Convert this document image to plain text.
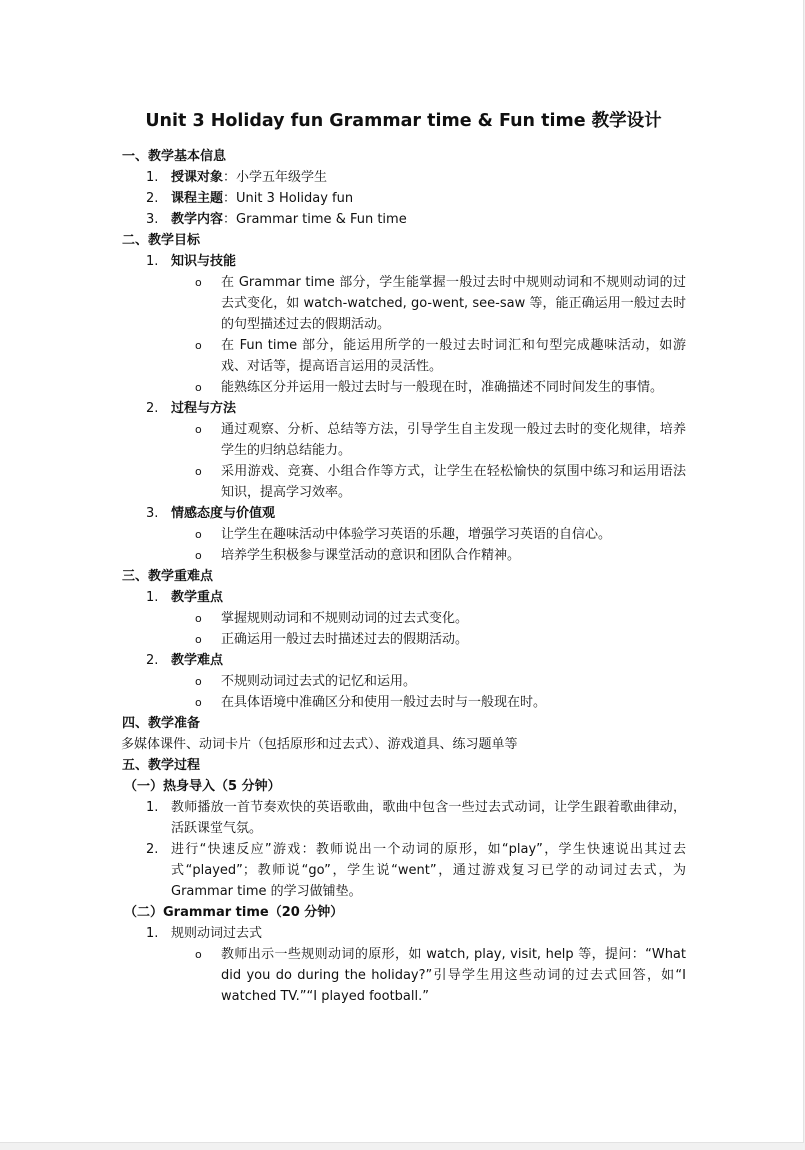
Unit 3 Holiday fun Grammar time & Fun time 教学设计
一、教学基本信息
1. 授课对象：小学五年级学生
2. 课程主题：Unit 3 Holiday fun
3. 教学内容：Grammar time & Fun time
二、教学目标
1. 知识与技能
o	在 Grammar time 部分，学生能掌握一般过去时中规则动词和不规则动词的过去式变化，如 watch-watched, go-went, see-saw 等，能正确运用一般过去时的句型描述过去的假期活动。
o	在 Fun time 部分，能运用所学的一般过去时词汇和句型完成趣味活动，如游戏、对话等，提高语言运用的灵活性。
o	能熟练区分并运用一般过去时与一般现在时，准确描述不同时间发生的事情。
2. 过程与方法
o	通过观察、分析、总结等方法，引导学生自主发现一般过去时的变化规律，培养学生的归纳总结能力。
o	采用游戏、竞赛、小组合作等方式，让学生在轻松愉快的氛围中练习和运用语法知识，提高学习效率。
3. 情感态度与价值观
o	让学生在趣味活动中体验学习英语的乐趣，增强学习英语的自信心。
o	培养学生积极参与课堂活动的意识和团队合作精神。
三、教学重难点
1. 教学重点
o	掌握规则动词和不规则动词的过去式变化。
o	正确运用一般过去时描述过去的假期活动。
2. 教学难点
o	不规则动词过去式的记忆和运用。
o	在具体语境中准确区分和使用一般过去时与一般现在时。
四、教学准备
多媒体课件、动词卡片（包括原形和过去式）、游戏道具、练习题单等
五、教学过程
（一）热身导入（5 分钟）
1. 教师播放一首节奏欢快的英语歌曲，歌曲中包含一些过去式动词，让学生跟着歌曲律动，活跃课堂气氛。
2. 进行“快速反应”游戏：教师说出一个动词的原形，如“play”，学生快速说出其过去式“played”；教师说“go”，学生说“went”，通过游戏复习已学的动词过去式，为 Grammar time 的学习做铺垫。
（二）Grammar time（20 分钟）
1. 规则动词过去式
o	教师出示一些规则动词的原形，如 watch, play, visit, help 等，提问：“What did you do during the holiday?”引导学生用这些动词的过去式回答，如“I watched TV.”“I played football.”
